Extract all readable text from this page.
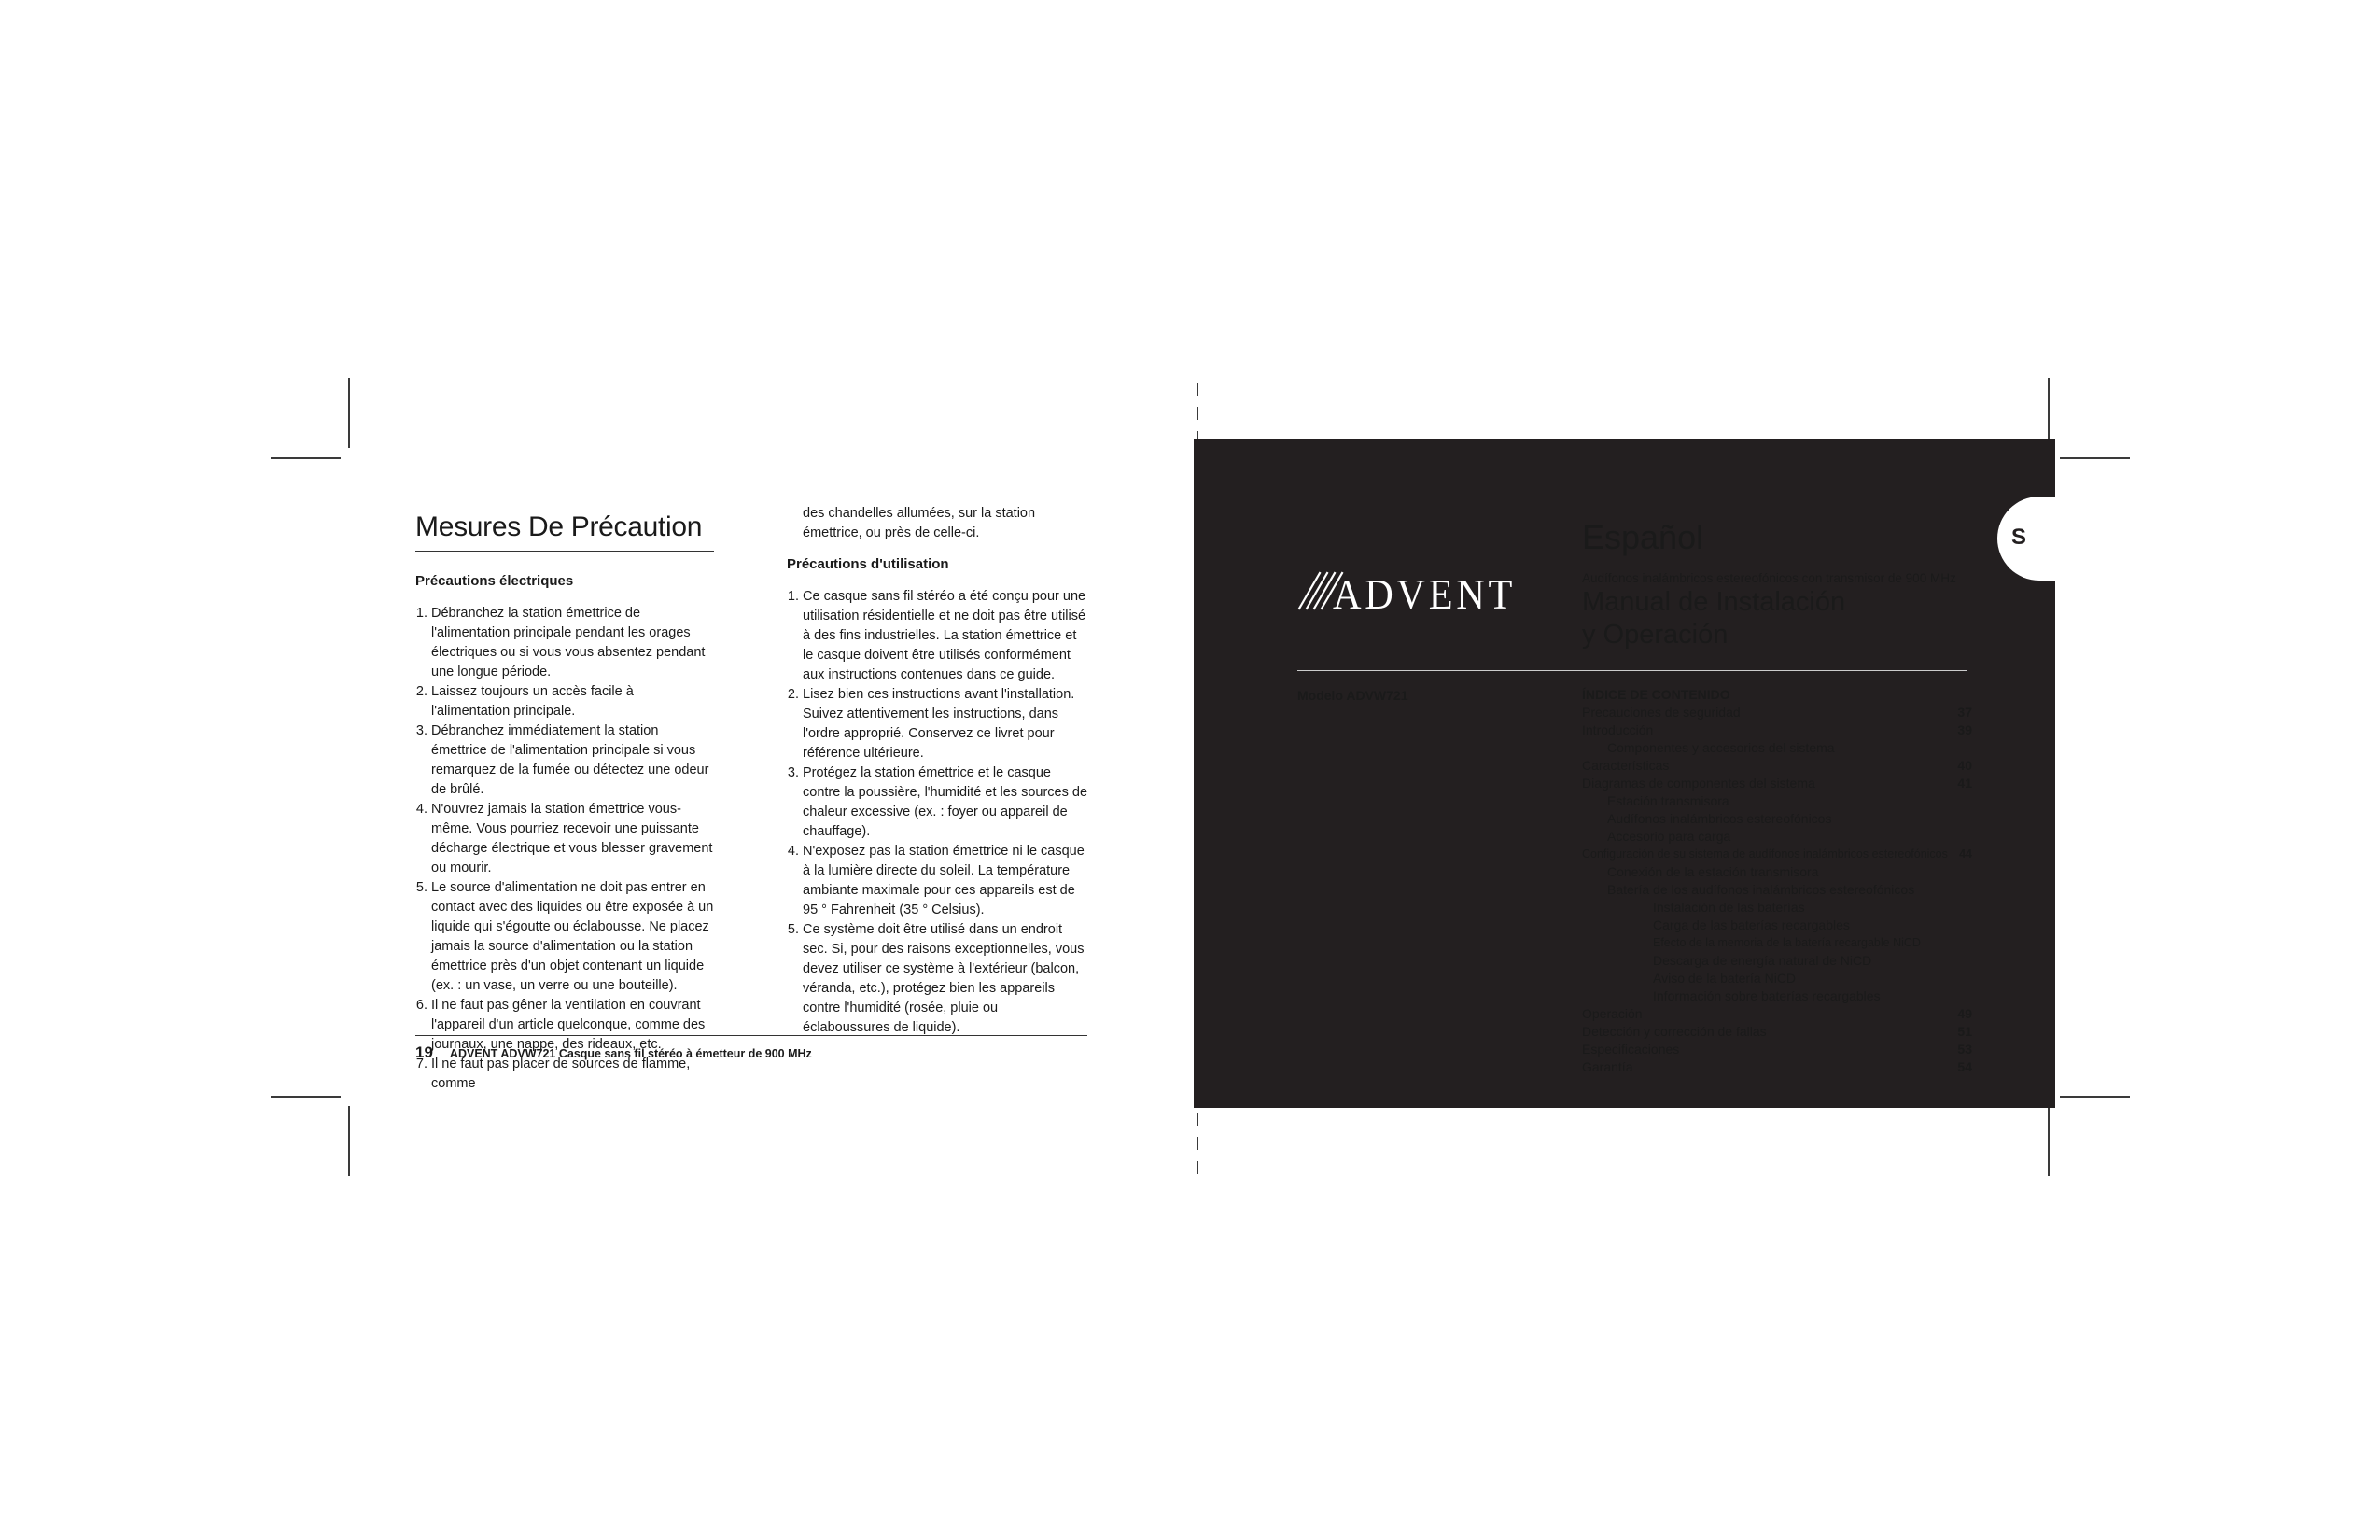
Mesures De Précaution
Précautions électriques
1. Débranchez la station émettrice de l'alimentation principale pendant les orages électriques ou si vous vous absentez pendant une longue période.
2. Laissez toujours un accès facile à l'alimentation principale.
3. Débranchez immédiatement la station émettrice de l'alimentation principale si vous remarquez de la fumée ou détectez une odeur de brûlé.
4. N'ouvrez jamais la station émettrice vous-même. Vous pourriez recevoir une puissante décharge électrique et vous blesser gravement ou mourir.
5. Le source d'alimentation ne doit pas entrer en contact avec des liquides ou être exposée à un liquide qui s'égoutte ou éclabousse. Ne placez jamais la source d'alimentation ou la station émettrice près d'un objet contenant un liquide (ex. : un vase, un verre ou une bouteille).
6. Il ne faut pas gêner la ventilation en couvrant l'appareil d'un article quelconque, comme des journaux, une nappe, des rideaux, etc.
7. Il ne faut pas placer de sources de flamme, comme

des chandelles allumées, sur la station émettrice, ou près de celle-ci.

Précautions d'utilisation
1. Ce casque sans fil stéréo a été conçu pour une utilisation résidentielle et ne doit pas être utilisé à des fins industrielles. La station émettrice et le casque doivent être utilisés conformément aux instructions contenues dans ce guide.
2. Lisez bien ces instructions avant l'installation. Suivez attentivement les instructions, dans l'ordre approprié. Conservez ce livret pour référence ultérieure.
3. Protégez la station émettrice et le casque contre la poussière, l'humidité et les sources de chaleur excessive (ex. : foyer ou appareil de chauffage).
4. N'exposez pas la station émettrice ni le casque à la lumière directe du soleil. La température ambiante maximale pour ces appareils est de 95 ° Fahrenheit (35 ° Celsius).
5. Ce système doit être utilisé dans un endroit sec. Si, pour des raisons exceptionnelles, vous devez utiliser ce système à l'extérieur (balcon, véranda, etc.), protégez bien les appareils contre l'humidité (rosée, pluie ou éclaboussures de liquide).
19 ADVENT ADVW721 Casque sans fil stéréo à émetteur de 900 MHz
S
ADVENT
Español
Audífonos inalámbricos estereofónicos con transmisor de 900 MHz
Manual de Instalación
y Operación
Modelo ADVW721	ÍNDICE DE CONTENIDO
Precauciones de seguridad	37
Introducción	39
Componentes y accesorios del sistema
Características	40
Diagramas de componentes del sistema	41
Estación transmisora
Audífonos inalámbricos estereofónicos
Accesorio para carga
Configuración de su sistema de audífonos inalámbricos estereofónicos 44
Conexión de la estación transmisora
Batería de los audífonos inalámbricos estereofónicos
Instalación de las baterías
Carga de las baterías recargables
Efecto de la memoria de la batería recargable NiCD
Descarga de energía natural de NiCD
Aviso de la batería NiCD
Información sobre baterías recargables
Operación	49
Detección y corrección de fallas	51
Especificaciones	53
Garantía	54
